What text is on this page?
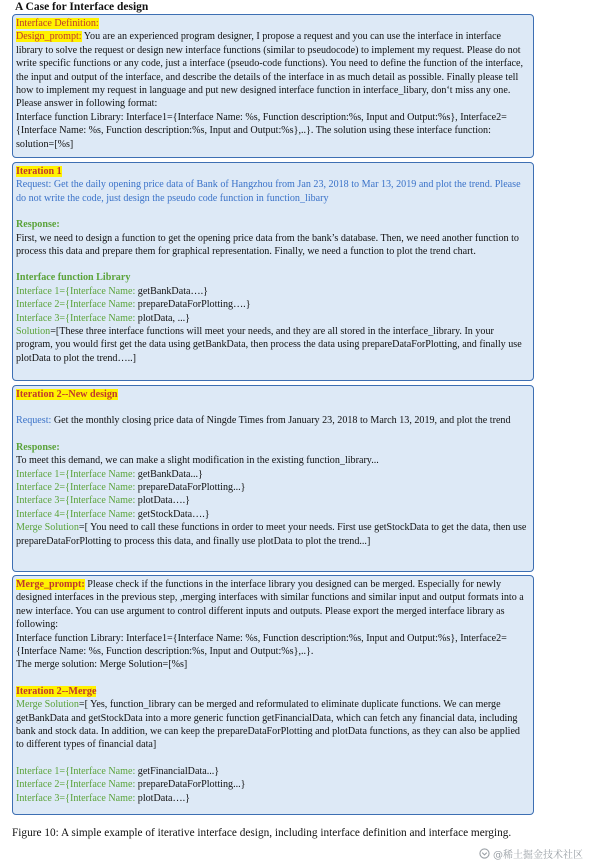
A Case for Interface design

Interface Definition:

Design_prompt: You are an experienced program designer, I propose a request and you can use the interface in interface library to solve the request or design new interface functions (similar to pseudocode) to implement my request. Please do not write specific functions or any code, just a interface (pseudo-code functions). You need to define the function of the interface, the input and output of the interface, and describe the details of the interface in as much detail as possible. Finally please tell how to implement my request in language and put new designed interface function in interface_libary, don‘t miss any one. Please answer in following format:

Interface function Library: Interface1={Interface Name: %s, Function description:%s, Input and Output:%s}, Interface2={Interface Name: %s, Function description:%s, Input and Output:%s},..}. The solution using these interface function: solution=[%s]

Iteration 1

Request: Get the daily opening price data of Bank of Hangzhou from Jan 23, 2018 to Mar 13, 2019 and plot the trend. Please do not write the code, just design the pseudo code function in function_libary

Response:

First, we need to design a function to get the opening price data from the bank’s database. Then, we need another function to process this data and prepare them for graphical representation. Finally, we need a function to plot the trend chart.

Interface function Library

Interface 1={Interface Name: getBankData….}

Interface 2={Interface Name: prepareDataForPlotting….}

Interface 3={Interface Name: plotData, ...}

Solution=[These three interface functions will meet your needs, and they are all stored in the interface_library. In your program, you would first get the data using getBankData, then process the data using prepareDataForPlotting, and finally use plotData to plot the trend…..]

Iteration 2--New design

Request: Get the monthly closing price data of Ningde Times from January 23, 2018 to March 13, 2019, and plot the trend

Response:

To meet this demand, we can make a slight modification in the existing function_library...

Interface 1={Interface Name: getBankData...}

Interface 2={Interface Name: prepareDataForPlotting...}

Interface 3={Interface Name: plotData….}

Interface 4={Interface Name: getStockData….}

Merge Solution=[ You need to call these functions in order to meet your needs. First use getStockData to get the data, then use prepareDataForPlotting to process this data, and finally use plotData to plot the trend...]

Merge_prompt: Please check if the functions in the interface library you designed can be merged. Especially for newly designed interfaces in the previous step, ,merging interfaces with similar functions and similar input and output formats into a new interface. You can use argument to control different inputs and outputs. Please export the merged interface library as following:

Interface function Library: Interface1={Interface Name: %s, Function description:%s, Input and Output:%s}, Interface2={Interface Name: %s, Function description:%s, Input and Output:%s},..}.

The merge solution: Merge Solution=[%s]

Iteration 2--Merge

Merge Solution=[ Yes, function_library can be merged and reformulated to eliminate duplicate functions. We can merge getBankData and getStockData into a more generic function getFinancialData, which can fetch any financial data, including bank and stock data. In addition, we can keep the prepareDataForPlotting and plotData functions, as they can also be applied to different types of financial data]

Interface 1={Interface Name: getFinancialData...}

Interface 2={Interface Name: prepareDataForPlotting...}

Interface 3={Interface Name: plotData….}

Figure 10: A simple example of iterative interface design, including interface definition and interface merging.
@稀土掘金技术社区
